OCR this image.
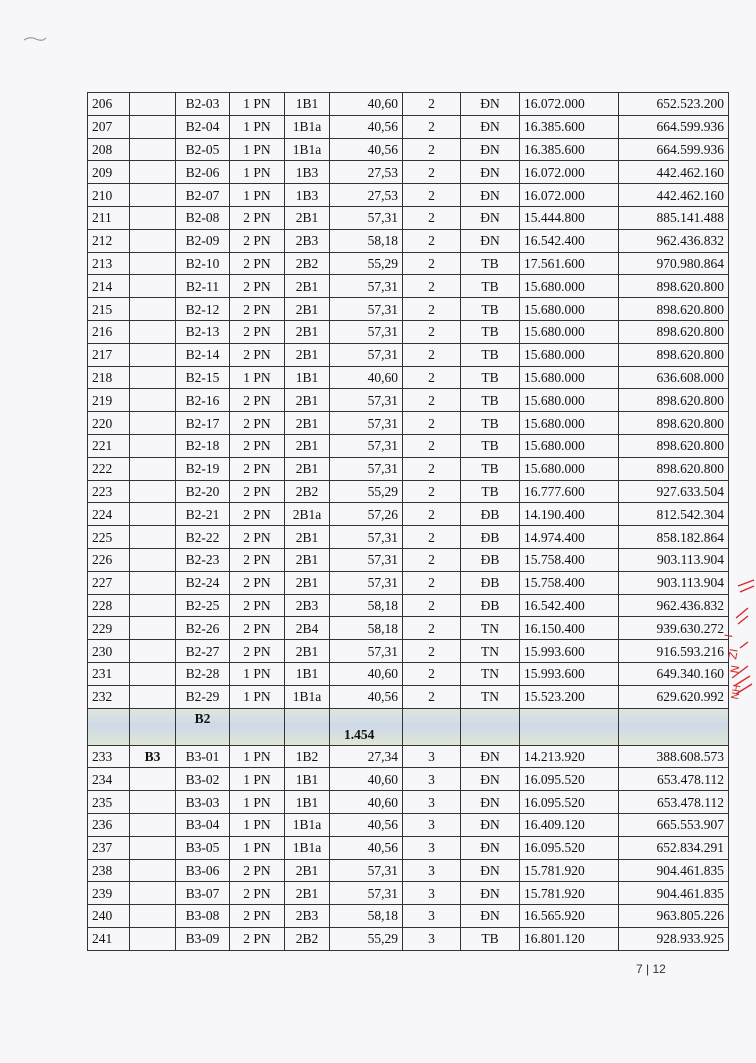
206		B2-03	1 PN	1B1	40,60	2	ĐN	16.072.000	652.523.200
207		B2-04	1 PN	1B1a	40,56	2	ĐN	16.385.600	664.599.936
208		B2-05	1 PN	1B1a	40,56	2	ĐN	16.385.600	664.599.936
209		B2-06	1 PN	1B3	27,53	2	ĐN	16.072.000	442.462.160
210		B2-07	1 PN	1B3	27,53	2	ĐN	16.072.000	442.462.160
211		B2-08	2 PN	2B1	57,31	2	ĐN	15.444.800	885.141.488
212		B2-09	2 PN	2B3	58,18	2	ĐN	16.542.400	962.436.832
213		B2-10	2 PN	2B2	55,29	2	TB	17.561.600	970.980.864
214		B2-11	2 PN	2B1	57,31	2	TB	15.680.000	898.620.800
215		B2-12	2 PN	2B1	57,31	2	TB	15.680.000	898.620.800
216		B2-13	2 PN	2B1	57,31	2	TB	15.680.000	898.620.800
217		B2-14	2 PN	2B1	57,31	2	TB	15.680.000	898.620.800
218		B2-15	1 PN	1B1	40,60	2	TB	15.680.000	636.608.000
219		B2-16	2 PN	2B1	57,31	2	TB	15.680.000	898.620.800
220		B2-17	2 PN	2B1	57,31	2	TB	15.680.000	898.620.800
221		B2-18	2 PN	2B1	57,31	2	TB	15.680.000	898.620.800
222		B2-19	2 PN	2B1	57,31	2	TB	15.680.000	898.620.800
223		B2-20	2 PN	2B2	55,29	2	TB	16.777.600	927.633.504
224		B2-21	2 PN	2B1a	57,26	2	ĐB	14.190.400	812.542.304
225		B2-22	2 PN	2B1	57,31	2	ĐB	14.974.400	858.182.864
226		B2-23	2 PN	2B1	57,31	2	ĐB	15.758.400	903.113.904
227		B2-24	2 PN	2B1	57,31	2	ĐB	15.758.400	903.113.904
228		B2-25	2 PN	2B3	58,18	2	ĐB	16.542.400	962.436.832
229		B2-26	2 PN	2B4	58,18	2	TN	16.150.400	939.630.272
230		B2-27	2 PN	2B1	57,31	2	TN	15.993.600	916.593.216
231		B2-28	1 PN	1B1	40,60	2	TN	15.993.600	649.340.160
232		B2-29	1 PN	1B1a	40,56	2	TN	15.523.200	629.620.992
		B2			1.454				
233	B3	B3-01	1 PN	1B2	27,34	3	ĐN	14.213.920	388.608.573
234		B3-02	1 PN	1B1	40,60	3	ĐN	16.095.520	653.478.112
235		B3-03	1 PN	1B1	40,60	3	ĐN	16.095.520	653.478.112
236		B3-04	1 PN	1B1a	40,56	3	ĐN	16.409.120	665.553.907
237		B3-05	1 PN	1B1a	40,56	3	ĐN	16.095.520	652.834.291
238		B3-06	2 PN	2B1	57,31	3	ĐN	15.781.920	904.461.835
239		B3-07	2 PN	2B1	57,31	3	ĐN	15.781.920	904.461.835
240		B3-08	2 PN	2B3	58,18	3	ĐN	16.565.920	963.805.226
241		B3-09	2 PN	2B2	55,29	3	TB	16.801.120	928.933.925
I
ZI
N
NH
7 | 12
